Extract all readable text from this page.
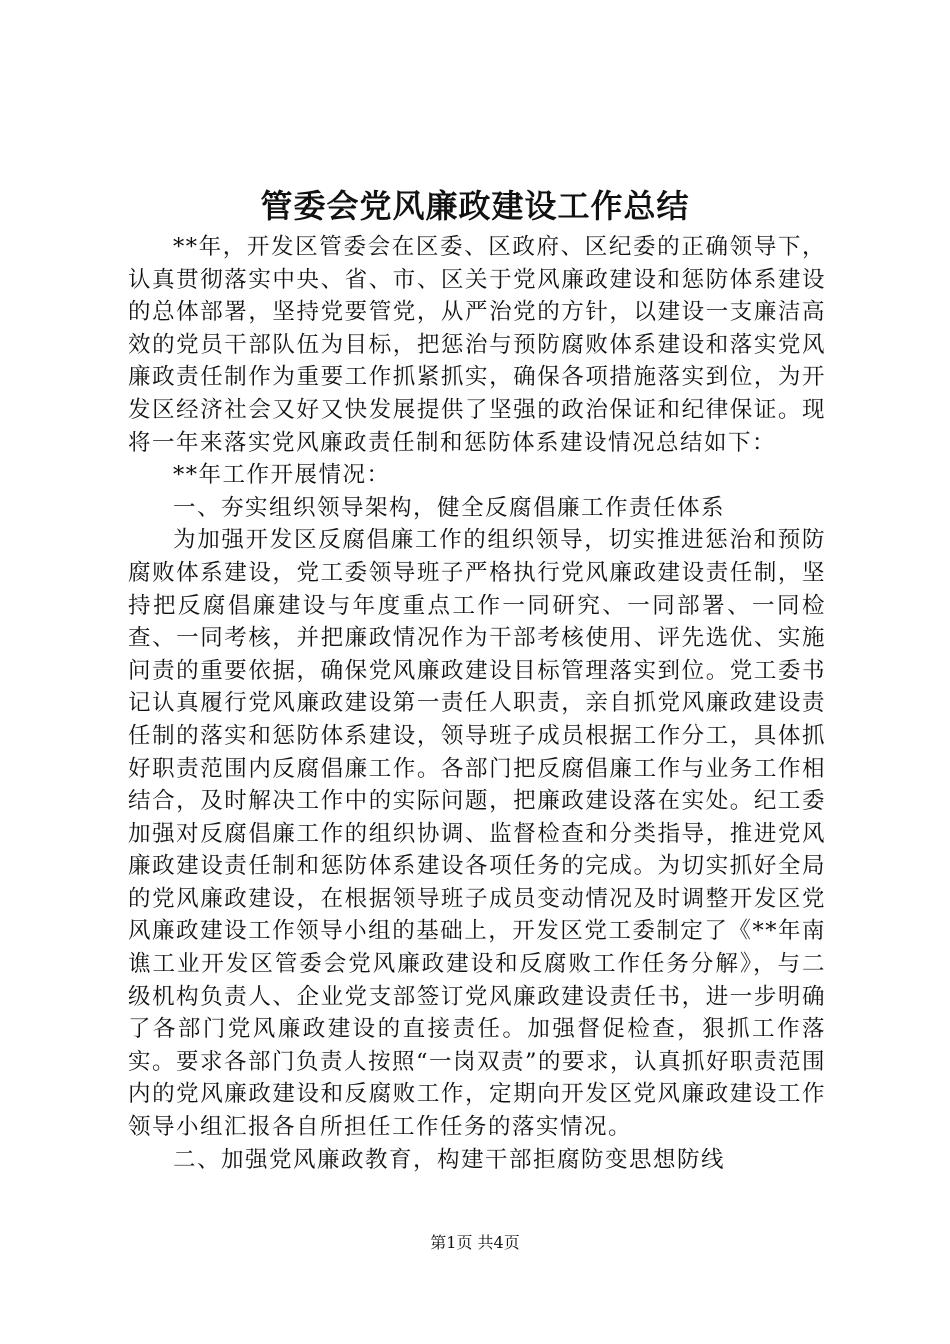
管委会党风廉政建设工作总结

**年，开发区管委会在区委、区政府、区纪委的正确领导下，认真贯彻落实中央、省、市、区关于党风廉政建设和惩防体系建设的总体部署，坚持党要管党，从严治党的方针，以建设一支廉洁高效的党员干部队伍为目标，把惩治与预防腐败体系建设和落实党风廉政责任制作为重要工作抓紧抓实，确保各项措施落实到位，为开发区经济社会又好又快发展提供了坚强的政治保证和纪律保证。现将一年来落实党风廉政责任制和惩防体系建设情况总结如下：

**年工作开展情况：

一、夯实组织领导架构，健全反腐倡廉工作责任体系

为加强开发区反腐倡廉工作的组织领导，切实推进惩治和预防腐败体系建设，党工委领导班子严格执行党风廉政建设责任制，坚持把反腐倡廉建设与年度重点工作一同研究、一同部署、一同检查、一同考核，并把廉政情况作为干部考核使用、评先选优、实施问责的重要依据，确保党风廉政建设目标管理落实到位。党工委书记认真履行党风廉政建设第一责任人职责，亲自抓党风廉政建设责任制的落实和惩防体系建设，领导班子成员根据工作分工，具体抓好职责范围内反腐倡廉工作。各部门把反腐倡廉工作与业务工作相结合，及时解决工作中的实际问题，把廉政建设落在实处。纪工委加强对反腐倡廉工作的组织协调、监督检查和分类指导，推进党风廉政建设责任制和惩防体系建设各项任务的完成。为切实抓好全局的党风廉政建设，在根据领导班子成员变动情况及时调整开发区党风廉政建设工作领导小组的基础上，开发区党工委制定了《**年南谯工业开发区管委会党风廉政建设和反腐败工作任务分解》，与二级机构负责人、企业党支部签订党风廉政建设责任书，进一步明确了各部门党风廉政建设的直接责任。加强督促检查，狠抓工作落实。要求各部门负责人按照“一岗双责”的要求，认真抓好职责范围内的党风廉政建设和反腐败工作，定期向开发区党风廉政建设工作领导小组汇报各自所担任工作任务的落实情况。

二、加强党风廉政教育，构建干部拒腐防变思想防线

第1页 共4页
